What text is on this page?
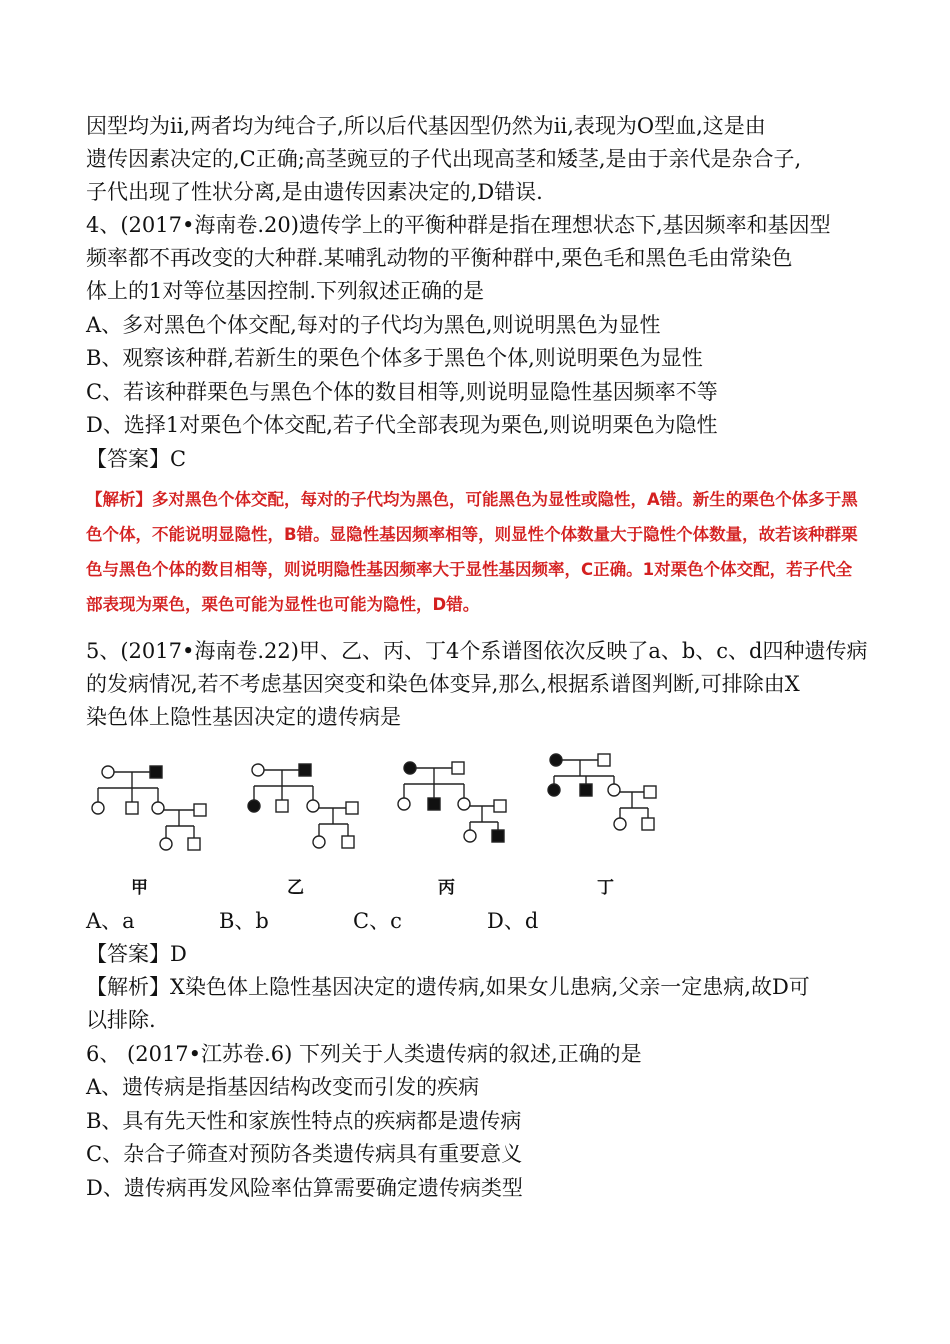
因型均为ii,两者均为纯合子,所以后代基因型仍然为ii,表现为O型血,这是由
遗传因素决定的,C正确;高茎豌豆的子代出现高茎和矮茎,是由于亲代是杂合子,
子代出现了性状分离,是由遗传因素决定的,D错误.
4、(2017•海南卷.20)遗传学上的平衡种群是指在理想状态下,基因频率和基因型
频率都不再改变的大种群.某哺乳动物的平衡种群中,栗色毛和黑色毛由常染色
体上的1对等位基因控制.下列叙述正确的是
A、多对黑色个体交配,每对的子代均为黑色,则说明黑色为显性
B、观察该种群,若新生的栗色个体多于黑色个体,则说明栗色为显性
C、若该种群栗色与黑色个体的数目相等,则说明显隐性基因频率不等
D、选择1对栗色个体交配,若子代全部表现为栗色,则说明栗色为隐性
【答案】C
【解析】多对黑色个体交配，每对的子代均为黑色，可能黑色为显性或隐性，A错。新生的栗色个体多于黑
色个体，不能说明显隐性，B错。显隐性基因频率相等，则显性个体数量大于隐性个体数量，故若该种群栗
色与黑色个体的数目相等，则说明隐性基因频率大于显性基因频率，C正确。1对栗色个体交配，若子代全
部表现为栗色，栗色可能为显性也可能为隐性，D错。
5、(2017•海南卷.22)甲、乙、丙、丁4个系谱图依次反映了a、b、c、d四种遗传病
的发病情况,若不考虑基因突变和染色体变异,那么,根据系谱图判断,可排除由X
染色体上隐性基因决定的遗传病是
甲	乙	丙	丁
A、a	B、b	C、c	D、d
【答案】D
【解析】X染色体上隐性基因决定的遗传病,如果女儿患病,父亲一定患病,故D可
以排除.
6、 (2017•江苏卷.6) 下列关于人类遗传病的叙述,正确的是
A、遗传病是指基因结构改变而引发的疾病
B、具有先天性和家族性特点的疾病都是遗传病
C、杂合子筛查对预防各类遗传病具有重要意义
D、遗传病再发风险率估算需要确定遗传病类型
